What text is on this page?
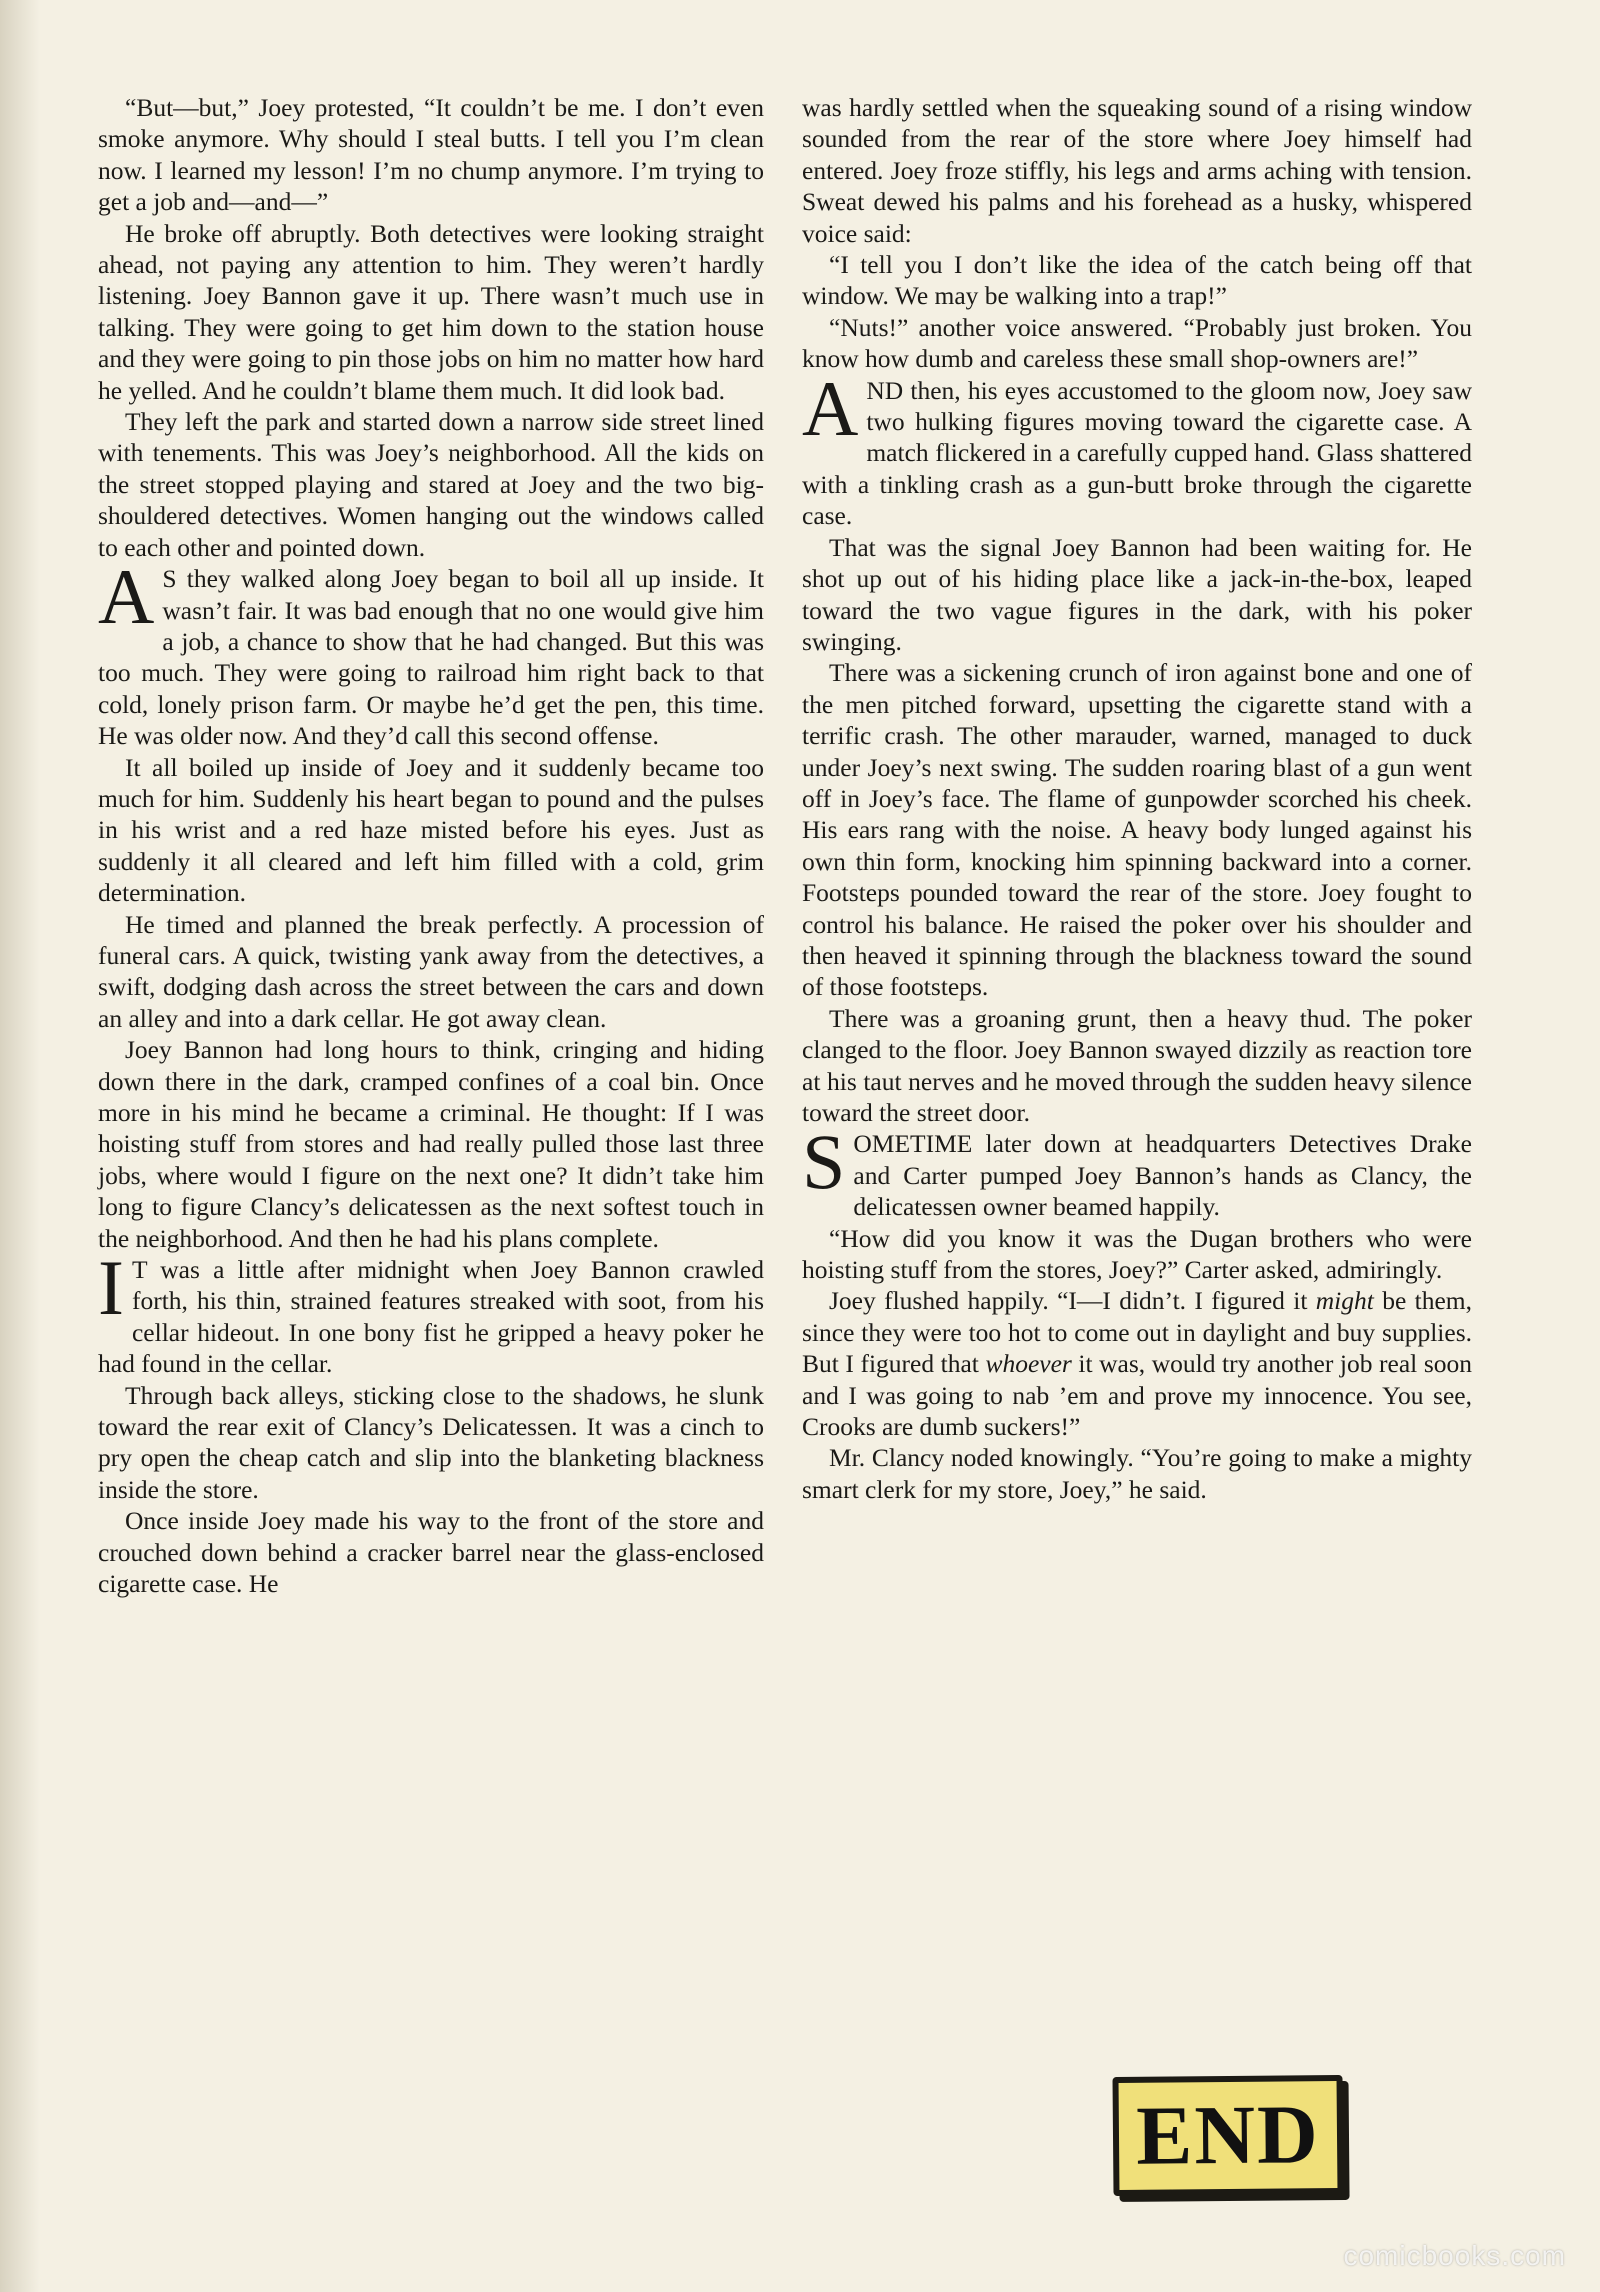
“But—but,” Joey protested, “It couldn’t be me. I don’t even smoke anymore. Why should I steal butts. I tell you I’m clean now. I learned my lesson! I’m no chump anymore. I’m trying to get a job and—and—”

He broke off abruptly. Both detectives were looking straight ahead, not paying any attention to him. They weren’t hardly listening. Joey Bannon gave it up. There wasn’t much use in talking. They were going to get him down to the station house and they were going to pin those jobs on him no matter how hard he yelled. And he couldn’t blame them much. It did look bad.

They left the park and started down a narrow side street lined with tenements. This was Joey’s neighborhood. All the kids on the street stopped playing and stared at Joey and the two big-shouldered detectives. Women hanging out the windows called to each other and pointed down.

A S they walked along Joey began to boil all up inside. It wasn’t fair. It was bad enough that no one would give him a job, a chance to show that he had changed. But this was too much. They were going to railroad him right back to that cold, lonely prison farm. Or maybe he’d get the pen, this time. He was older now. And they’d call this second offense.

It all boiled up inside of Joey and it suddenly became too much for him. Suddenly his heart began to pound and the pulses in his wrist and a red haze misted before his eyes. Just as suddenly it all cleared and left him filled with a cold, grim determination.

He timed and planned the break perfectly. A procession of funeral cars. A quick, twisting yank away from the detectives, a swift, dodging dash across the street between the cars and down an alley and into a dark cellar. He got away clean.

Joey Bannon had long hours to think, cringing and hiding down there in the dark, cramped confines of a coal bin. Once more in his mind he became a criminal. He thought: If I was hoisting stuff from stores and had really pulled those last three jobs, where would I figure on the next one? It didn’t take him long to figure Clancy’s delicatessen as the next softest touch in the neighborhood. And then he had his plans complete.

I T was a little after midnight when Joey Bannon crawled forth, his thin, strained features streaked with soot, from his cellar hideout. In one bony fist he gripped a heavy poker he had found in the cellar.

Through back alleys, sticking close to the shadows, he slunk toward the rear exit of Clancy’s Delicatessen. It was a cinch to pry open the cheap catch and slip into the blanketing blackness inside the store.

Once inside Joey made his way to the front of the store and crouched down behind a cracker barrel near the glass-enclosed cigarette case. He

was hardly settled when the squeaking sound of a rising window sounded from the rear of the store where Joey himself had entered. Joey froze stiffly, his legs and arms aching with tension. Sweat dewed his palms and his forehead as a husky, whispered voice said:

“I tell you I don’t like the idea of the catch being off that window. We may be walking into a trap!”

“Nuts!” another voice answered. “Probably just broken. You know how dumb and careless these small shop-owners are!”

AND then, his eyes accustomed to the gloom now, Joey saw two hulking figures moving toward the cigarette case. A match flickered in a carefully cupped hand. Glass shattered with a tinkling crash as a gun-butt broke through the cigarette case.

That was the signal Joey Bannon had been waiting for. He shot up out of his hiding place like a jack-in-the-box, leaped toward the two vague figures in the dark, with his poker swinging.

There was a sickening crunch of iron against bone and one of the men pitched forward, upsetting the cigarette stand with a terrific crash. The other marauder, warned, managed to duck under Joey’s next swing. The sudden roaring blast of a gun went off in Joey’s face. The flame of gunpowder scorched his cheek. His ears rang with the noise. A heavy body lunged against his own thin form, knocking him spinning backward into a corner. Footsteps pounded toward the rear of the store. Joey fought to control his balance. He raised the poker over his shoulder and then heaved it spinning through the blackness toward the sound of those footsteps.

There was a groaning grunt, then a heavy thud. The poker clanged to the floor. Joey Bannon swayed dizzily as reaction tore at his taut nerves and he moved through the sudden heavy silence toward the street door.

SOMETIME later down at headquarters Detectives Drake and Carter pumped Joey Bannon’s hands as Clancy, the delicatessen owner beamed happily.

“How did you know it was the Dugan brothers who were hoisting stuff from the stores, Joey?” Carter asked, admiringly.

Joey flushed happily. “I—I didn’t. I figured it might be them, since they were too hot to come out in daylight and buy supplies. But I figured that whoever it was, would try another job real soon and I was going to nab ’em and prove my innocence. You see, Crooks are dumb suckers!”

Mr. Clancy noded knowingly. “You’re going to make a mighty smart clerk for my store, Joey,” he said.

END
comicbooks.com
